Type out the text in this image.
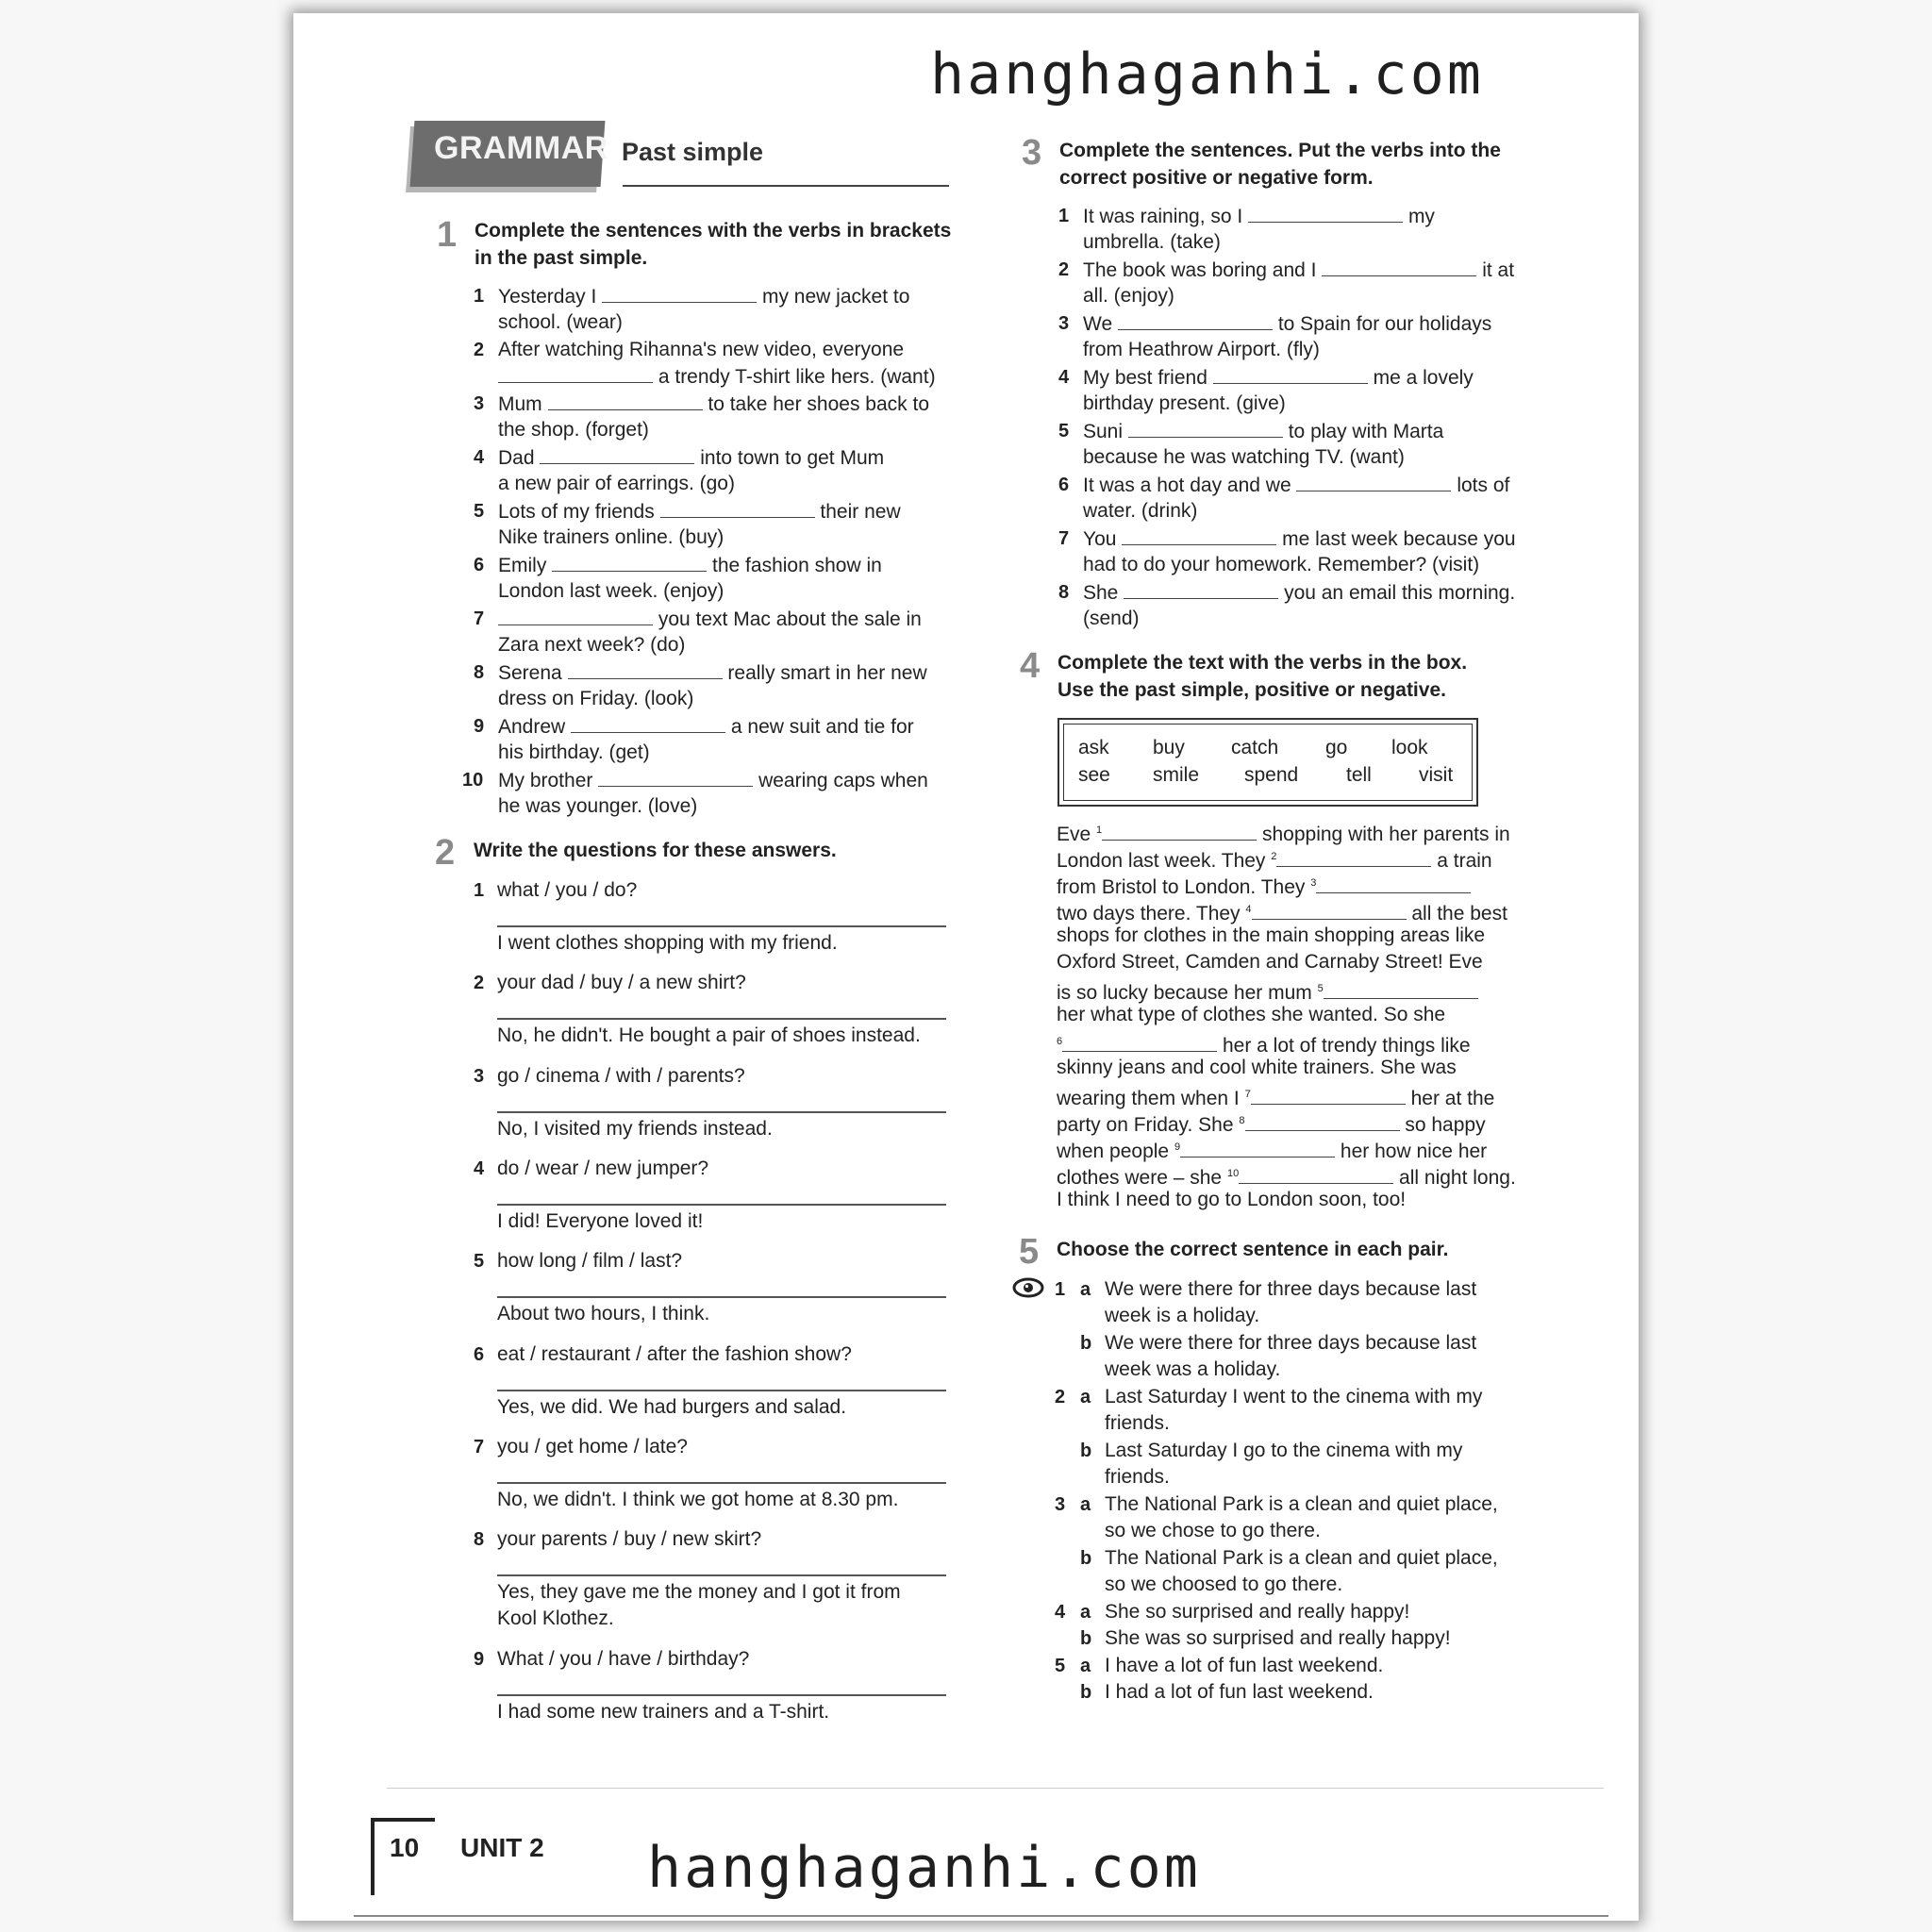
hanghaganhi.com
GRAMMAR Past simple
1 Complete the sentences with the verbs in brackets
in the past simple.
1 Yesterday I	my new jacket to
school. (wear)
2 After watching Rihanna's new video, everyone
a trendy T-shirt like hers. (want)
3 Mum	to take her shoes back to
the shop. (forget)
4 Dad	into town to get Mum
a new pair of earrings. (go)
5 Lots of my friends	their new
Nike trainers online. (buy)
6 Emily	the fashion show in
London last week. (enjoy)
7	you text Mac about the sale in
Zara next week? (do)
8 Serena	really smart in her new
dress on Friday. (look)
9 Andrew	a new suit and tie for
his birthday. (get)
10 My brother	wearing caps when
he was younger. (love)
2 Write the questions for these answers.
1 what / you / do?
I went clothes shopping with my friend.
2 your dad / buy / a new shirt?
No, he didn't. He bought a pair of shoes instead.
3 go / cinema / with / parents?
No, I visited my friends instead.
4 do / wear / new jumper?
I did! Everyone loved it!
5 how long / film / last?
About two hours, I think.
6 eat / restaurant / after the fashion show?
Yes, we did. We had burgers and salad.
7 you / get home / late?
No, we didn't. I think we got home at 8.30 pm.
8 your parents / buy / new skirt?
Yes, they gave me the money and I got it from
Kool Klothez.
9 What / you / have / birthday?
I had some new trainers and a T-shirt.
3 Complete the sentences. Put the verbs into the
correct positive or negative form.
1 It was raining, so I	my
umbrella. (take)
2 The book was boring and I	it at
all. (enjoy)
3 We	to Spain for our holidays
from Heathrow Airport. (fly)
4 My best friend	me a lovely
birthday present. (give)
5 Suni	to play with Marta
because he was watching TV. (want)
6 It was a hot day and we	lots of
water. (drink)
7 You	me last week because you
had to do your homework. Remember? (visit)
8 She	you an email this morning.
(send)
4 Complete the text with the verbs in the box.
Use the past simple, positive or negative.
ask buy catch go look
see smile spend tell visit
Eve $^1$	shopping with her parents in
London last week. They $^2$	a train
from Bristol to London. They $^3$
two days there. They $^4$	all the best
shops for clothes in the main shopping areas like
Oxford Street, Camden and Carnaby Street! Eve
is so lucky because her mum $^5$
her what type of clothes she wanted. So she
$^6$	her a lot of trendy things like
skinny jeans and cool white trainers. She was
wearing them when I $^7$	her at the
party on Friday. She $^8$	so happy
when people $^9$	her how nice her
clothes were – she $^{10}$	all night long.
I think I need to go to London soon, too!
5 Choose the correct sentence in each pair.
1 a We were there for three days because last
week is a holiday.
b We were there for three days because last
week was a holiday.
2 a Last Saturday I went to the cinema with my
friends.
b Last Saturday I go to the cinema with my
friends.
3 a The National Park is a clean and quiet place,
so we chose to go there.
b The National Park is a clean and quiet place,
so we choosed to go there.
4 a She so surprised and really happy!
b She was so surprised and really happy!
5 a I have a lot of fun last weekend.
b I had a lot of fun last weekend.
10 UNIT 2 hanghaganhi.com
